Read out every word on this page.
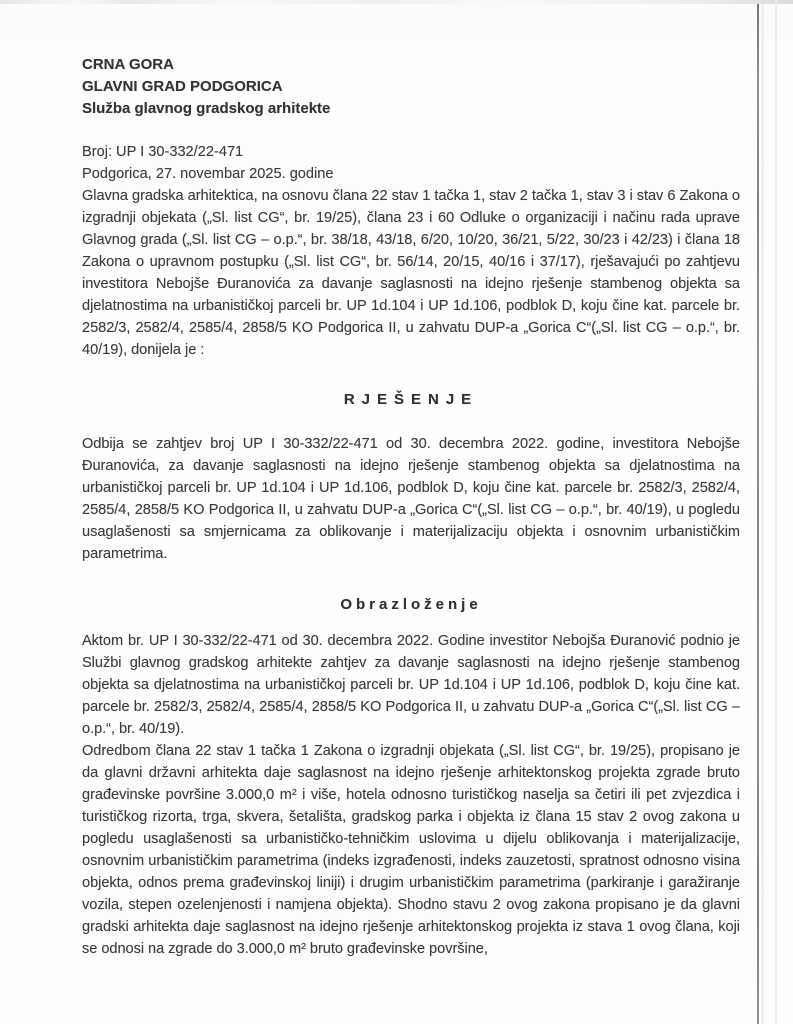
CRNA GORA
GLAVNI GRAD PODGORICA
Služba glavnog gradskog arhitekte
Broj: UP I 30-332/22-471
Podgorica, 27. novembar 2025. godine

Glavna gradska arhitektica, na osnovu člana 22 stav 1 tačka 1, stav 2 tačka 1, stav 3 i stav 6 Zakona o izgradnji objekata („Sl. list CG“, br. 19/25), člana 23 i 60 Odluke o organizaciji i načinu rada uprave Glavnog grada („Sl. list CG – o.p.“, br. 38/18, 43/18, 6/20, 10/20, 36/21, 5/22, 30/23 i 42/23) i člana 18 Zakona o upravnom postupku („Sl. list CG“, br. 56/14, 20/15, 40/16 i 37/17), rješavajući po zahtjevu investitora Nebojše Đuranovića za davanje saglasnosti na idejno rješenje stambenog objekta sa djelatnostima na urbanističkoj parceli br. UP 1d.104 i UP 1d.106, podblok D, koju čine kat. parcele br. 2582/3, 2582/4, 2585/4, 2858/5 KO Podgorica II, u zahvatu DUP-a „Gorica C“(„Sl. list CG – o.p.“, br. 40/19), donijela je :

RJEŠENJE

Odbija se zahtjev broj UP I 30-332/22-471 od 30. decembra 2022. godine, investitora Nebojše Đuranovića, za davanje saglasnosti na idejno rješenje stambenog objekta sa djelatnostima na urbanističkoj parceli br. UP 1d.104 i UP 1d.106, podblok D, koju čine kat. parcele br. 2582/3, 2582/4, 2585/4, 2858/5 KO Podgorica II, u zahvatu DUP-a „Gorica C“(„Sl. list CG – o.p.“, br. 40/19), u pogledu usaglašenosti sa smjernicama za oblikovanje i materijalizaciju objekta i osnovnim urbanističkim parametrima.

Obrazloženje

Aktom br. UP I 30-332/22-471 od 30. decembra 2022. Godine investitor Nebojša Đuranović podnio je Službi glavnog gradskog arhitekte zahtjev za davanje saglasnosti na idejno rješenje stambenog objekta sa djelatnostima na urbanističkoj parceli br. UP 1d.104 i UP 1d.106, podblok D, koju čine kat. parcele br. 2582/3, 2582/4, 2585/4, 2858/5 KO Podgorica II, u zahvatu DUP-a „Gorica C“(„Sl. list CG – o.p.“, br. 40/19).

Odredbom člana 22 stav 1 tačka 1 Zakona o izgradnji objekata („Sl. list CG“, br. 19/25), propisano je da glavni državni arhitekta daje saglasnost na idejno rješenje arhitektonskog projekta zgrade bruto građevinske površine 3.000,0 m² i više, hotela odnosno turističkog naselja sa četiri ili pet zvjezdica i turističkog rizorta, trga, skvera, šetališta, gradskog parka i objekta iz člana 15 stav 2 ovog zakona u pogledu usaglašenosti sa urbanističko-tehničkim uslovima u dijelu oblikovanja i materijalizacije, osnovnim urbanističkim parametrima (indeks izgrađenosti, indeks zauzetosti, spratnost odnosno visina objekta, odnos prema građevinskoj liniji) i drugim urbanističkim parametrima (parkiranje i garažiranje vozila, stepen ozelenjenosti i namjena objekta). Shodno stavu 2 ovog zakona propisano je da glavni gradski arhitekta daje saglasnost na idejno rješenje arhitektonskog projekta iz stava 1 ovog člana, koji se odnosi na zgrade do 3.000,0 m² bruto građevinske površine,
